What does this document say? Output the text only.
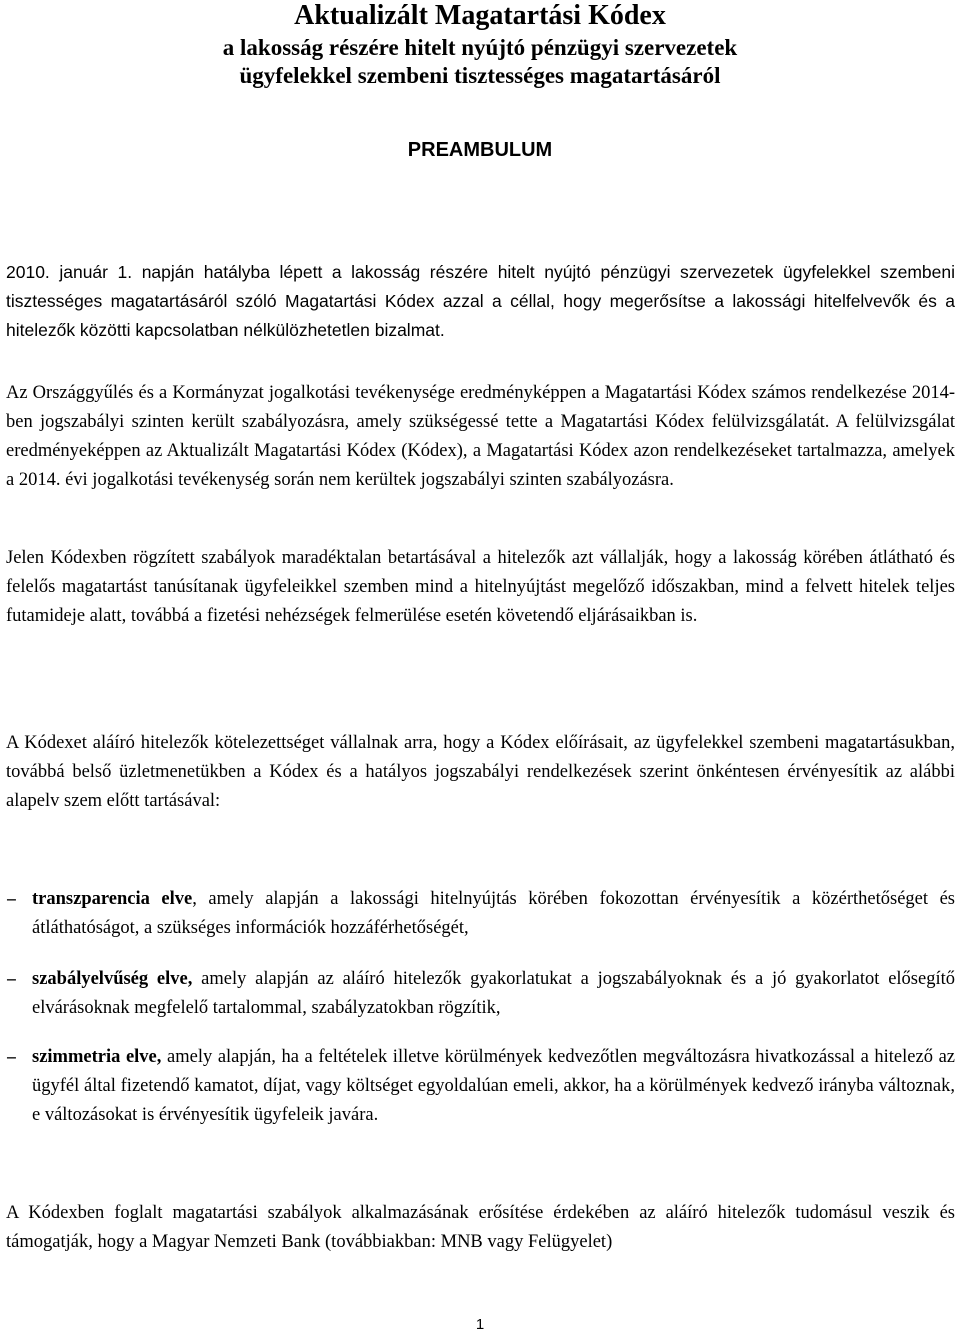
Aktualizált Magatartási Kódex
a lakosság részére hitelt nyújtó pénzügyi szervezetek
ügyfelekkel szembeni tisztességes magatartásáról
PREAMBULUM
2010. január 1. napján hatályba lépett a lakosság részére hitelt nyújtó pénzügyi szervezetek ügyfelekkel szembeni tisztességes magatartásáról szóló Magatartási Kódex azzal a céllal, hogy megerősítse a lakossági hitelfelvevők és a hitelezők közötti kapcsolatban nélkülözhetetlen bizalmat.
Az Országgyűlés és a Kormányzat jogalkotási tevékenysége eredményképpen a Magatartási Kódex számos rendelkezése 2014-ben jogszabályi szinten került szabályozásra, amely szükségessé tette a Magatartási Kódex felülvizsgálatát. A felülvizsgálat eredményeképpen az Aktualizált Magatartási Kódex (Kódex), a Magatartási Kódex azon rendelkezéseket tartalmazza, amelyek a 2014. évi jogalkotási tevékenység során nem kerültek jogszabályi szinten szabályozásra.
Jelen Kódexben rögzített szabályok maradéktalan betartásával a hitelezők azt vállalják, hogy a lakosság körében átlátható és felelős magatartást tanúsítanak ügyfeleikkel szemben mind a hitelnyújtást megelőző időszakban, mind a felvett hitelek teljes futamideje alatt, továbbá a fizetési nehézségek felmerülése esetén követendő eljárásaikban is.
A Kódexet aláíró hitelezők kötelezettséget vállalnak arra, hogy a Kódex előírásait, az ügyfelekkel szembeni magatartásukban, továbbá belső üzletmenetükben a Kódex és a hatályos jogszabályi rendelkezések szerint önkéntesen érvényesítik az alábbi alapelv szem előtt tartásával:
− transzparencia elve, amely alapján a lakossági hitelnyújtás körében fokozottan érvényesítik a közérthetőséget és átláthatóságot, a szükséges információk hozzáférhetőségét,
− szabályelvűség elve, amely alapján az aláíró hitelezők gyakorlatukat a jogszabályoknak és a jó gyakorlatot elősegítő elvárásoknak megfelelő tartalommal, szabályzatokban rögzítik,
− szimmetria elve, amely alapján, ha a feltételek illetve körülmények kedvezőtlen megváltozásra hivatkozással a hitelező az ügyfél által fizetendő kamatot, díjat, vagy költséget egyoldalúan emeli, akkor, ha a körülmények kedvező irányba változnak, e változásokat is érvényesítik ügyfeleik javára.
A Kódexben foglalt magatartási szabályok alkalmazásának erősítése érdekében az aláíró hitelezők tudomásul veszik és támogatják, hogy a Magyar Nemzeti Bank (továbbiakban: MNB vagy Felügyelet)
1
